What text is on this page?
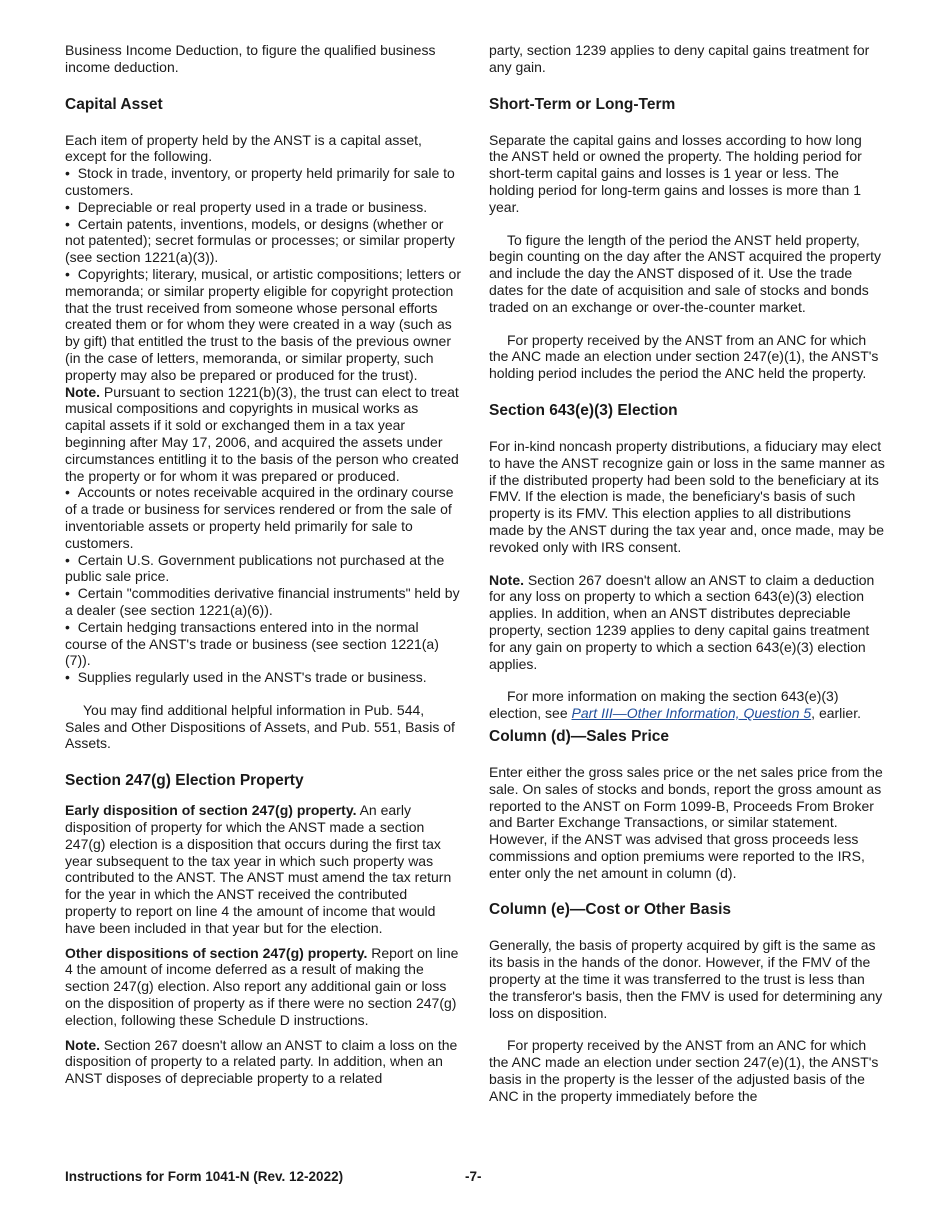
Business Income Deduction, to figure the qualified business income deduction.

Capital Asset

Each item of property held by the ANST is a capital asset, except for the following.

•  Stock in trade, inventory, or property held primarily for sale to customers.

•  Depreciable or real property used in a trade or business.

•  Certain patents, inventions, models, or designs (whether or not patented); secret formulas or processes; or similar property (see section 1221(a)(3)).

•  Copyrights; literary, musical, or artistic compositions; letters or memoranda; or similar property eligible for copyright protection that the trust received from someone whose personal efforts created them or for whom they were created in a way (such as by gift) that entitled the trust to the basis of the previous owner (in the case of letters, memoranda, or similar property, such property may also be prepared or produced for the trust).

Note. Pursuant to section 1221(b)(3), the trust can elect to treat musical compositions and copyrights in musical works as capital assets if it sold or exchanged them in a tax year beginning after May 17, 2006, and acquired the assets under circumstances entitling it to the basis of the person who created the property or for whom it was prepared or produced.

•  Accounts or notes receivable acquired in the ordinary course of a trade or business for services rendered or from the sale of inventoriable assets or property held primarily for sale to customers.

•  Certain U.S. Government publications not purchased at the public sale price.

•  Certain "commodities derivative financial instruments" held by a dealer (see section 1221(a)(6)).

•  Certain hedging transactions entered into in the normal course of the ANST's trade or business (see section 1221(a)(7)).

•  Supplies regularly used in the ANST's trade or business.

You may find additional helpful information in Pub. 544, Sales and Other Dispositions of Assets, and Pub. 551, Basis of Assets.

Section 247(g) Election Property

Early disposition of section 247(g) property. An early disposition of property for which the ANST made a section 247(g) election is a disposition that occurs during the first tax year subsequent to the tax year in which such property was contributed to the ANST. The ANST must amend the tax return for the year in which the ANST received the contributed property to report on line 4 the amount of income that would have been included in that year but for the election.

Other dispositions of section 247(g) property. Report on line 4 the amount of income deferred as a result of making the section 247(g) election. Also report any additional gain or loss on the disposition of property as if there were no section 247(g) election, following these Schedule D instructions.

Note. Section 267 doesn't allow an ANST to claim a loss on the disposition of property to a related party. In addition, when an ANST disposes of depreciable property to a related

party, section 1239 applies to deny capital gains treatment for any gain.

Short-Term or Long-Term

Separate the capital gains and losses according to how long the ANST held or owned the property. The holding period for short-term capital gains and losses is 1 year or less. The holding period for long-term gains and losses is more than 1 year.

To figure the length of the period the ANST held property, begin counting on the day after the ANST acquired the property and include the day the ANST disposed of it. Use the trade dates for the date of acquisition and sale of stocks and bonds traded on an exchange or over-the-counter market.

For property received by the ANST from an ANC for which the ANC made an election under section 247(e)(1), the ANST's holding period includes the period the ANC held the property.

Section 643(e)(3) Election

For in-kind noncash property distributions, a fiduciary may elect to have the ANST recognize gain or loss in the same manner as if the distributed property had been sold to the beneficiary at its FMV. If the election is made, the beneficiary's basis of such property is its FMV. This election applies to all distributions made by the ANST during the tax year and, once made, may be revoked only with IRS consent.

Note. Section 267 doesn't allow an ANST to claim a deduction for any loss on property to which a section 643(e)(3) election applies. In addition, when an ANST distributes depreciable property, section 1239 applies to deny capital gains treatment for any gain on property to which a section 643(e)(3) election applies.

For more information on making the section 643(e)(3) election, see Part III—Other Information, Question 5, earlier.

Column (d)—Sales Price

Enter either the gross sales price or the net sales price from the sale. On sales of stocks and bonds, report the gross amount as reported to the ANST on Form 1099-B, Proceeds From Broker and Barter Exchange Transactions, or similar statement. However, if the ANST was advised that gross proceeds less commissions and option premiums were reported to the IRS, enter only the net amount in column (d).

Column (e)—Cost or Other Basis

Generally, the basis of property acquired by gift is the same as its basis in the hands of the donor. However, if the FMV of the property at the time it was transferred to the trust is less than the transferor's basis, then the FMV is used for determining any loss on disposition.

For property received by the ANST from an ANC for which the ANC made an election under section 247(e)(1), the ANST's basis in the property is the lesser of the adjusted basis of the ANC in the property immediately before the

Instructions for Form 1041-N (Rev. 12-2022)	-7-
